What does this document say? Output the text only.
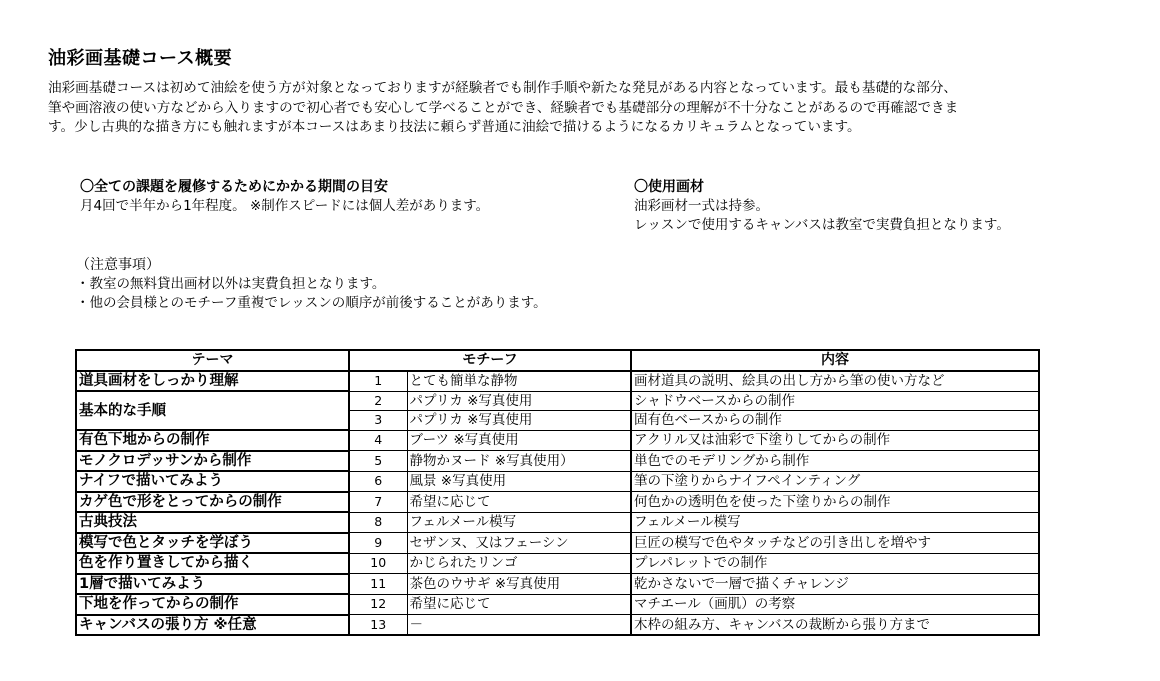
油彩画基礎コース概要
油彩画基礎コースは初めて油絵を使う方が対象となっておりますが経験者でも制作手順や新たな発見がある内容となっています。最も基礎的な部分、
筆や画溶液の使い方などから入りますので初心者でも安心して学べることができ、経験者でも基礎部分の理解が不十分なことがあるので再確認できま
す。少し古典的な描き方にも触れますが本コースはあまり技法に頼らず普通に油絵で描けるようになるカリキュラムとなっています。
〇全ての課題を履修するためにかかる期間の目安
月4回で半年から1年程度。 ※制作スピードには個人差があります。
〇使用画材
油彩画材一式は持参。
レッスンで使用するキャンバスは教室で実費負担となります。
（注意事項）
・教室の無料貸出画材以外は実費負担となります。
・他の会員様とのモチーフ重複でレッスンの順序が前後することがあります。
テーマ	モチーフ		内容
道具画材をしっかり理解	1	とても簡単な静物	画材道具の説明、絵具の出し方から筆の使い方など
基本的な手順	2	パプリカ ※写真使用	シャドウベースからの制作
	3	パプリカ ※写真使用	固有色ベースからの制作
有色下地からの制作	4	ブーツ ※写真使用	アクリル又は油彩で下塗りしてからの制作
モノクロデッサンから制作	5	静物かヌード ※写真使用）	単色でのモデリングから制作
ナイフで描いてみよう	6	風景 ※写真使用	筆の下塗りからナイフペインティング
カゲ色で形をとってからの制作	7	希望に応じて	何色かの透明色を使った下塗りからの制作
古典技法	8	フェルメール模写	フェルメール模写
模写で色とタッチを学ぼう	9	セザンヌ、又はフェーシン	巨匠の模写で色やタッチなどの引き出しを増やす
色を作り置きしてから描く	10	かじられたリンゴ	プレパレットでの制作
1層で描いてみよう	11	茶色のウサギ ※写真使用	乾かさないで一層で描くチャレンジ
下地を作ってからの制作	12	希望に応じて	マチエール（画肌）の考察
キャンバスの張り方 ※任意	13	－	木枠の組み方、キャンバスの裁断から張り方まで
